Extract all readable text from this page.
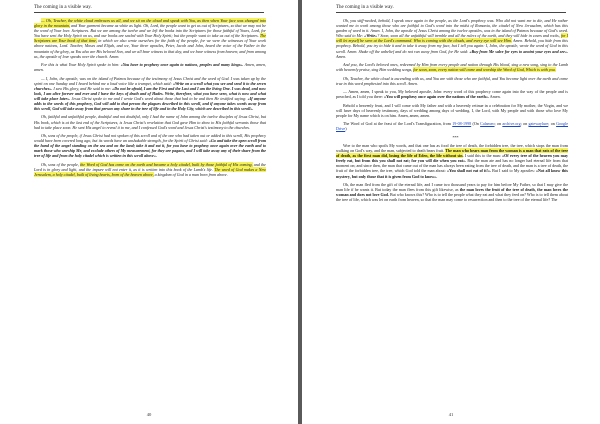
The coming in a visible way.

— Oh, Teacher, the white cloud embraces us all, and we sit on the cloud and speak with You, as then when Your face was changed into glory in the mountain, and Your garment became as white as light. Oh, Lord, the people want to get us out of Scriptures, so that we may not be the word of Your love. Scriptures. But we are among the twelve and we left the books into the Scriptures for those faithful of Yours, Lord, for You have sent the Holy Spirit on us, and our books are sealed with Your Holy Spirit; but the people want to take us out of the Scriptures. The Scriptures are Your book of that time, in which we also wrote ourselves for the faith of the people, for we were the witnesses of Your work above nations, Lord. Teacher, Moses and Elijah, and we, Your three apostles, Peter, Jacob and John, heard the voice of the Father in the mountain of the glory, as You also are His beloved Son, and we all bear witness to that day, and we bear witness from heaven; and from among us, the apostle of love speaks over the church. Amen.

For this is what Your Holy Spirit spoke to him: «You have to prophesy once again to nations, peoples and many kings». Amen, amen, amen.

— I, John, the apostle, was on the island of Patmos because of the testimony of Jesus Christ and the word of God. I was taken up by the spirit on one Sunday and I heard behind me a loud voice like a trumpet, which said: «Write on a scroll what you see and send it to the seven churches». I saw His glory, and He said to me: «Do not be afraid, I am the First and the Last and I am the living One. I was dead, and now look, I am alive forever and ever and I have the keys of death and of Hades. Write, therefore, what you have seen, what is now and what will take place later». Jesus Christ spoke to me and I wrote God's word about those that had to be and then He testified saying: «If anyone adds to the words of this prophecy, God will add to that person the plagues described in this scroll, and if anyone takes words away from this scroll, God will take away from that person any share in the tree of life and in the Holy City, which are described in this scroll».

Oh, faithful and unfaithful people, doubtful and not doubtful, only I had the name of John among the twelve disciples of Jesus Christ, but His book, which is at the last end of the Scriptures, is Jesus Christ's revelation that God gave Him to show to His faithful servants those that had to take place soon. He sent His angel to reveal it to me, and I confessed God's word and Jesus Christ's testimony to the churches.

Oh, sons of the people, if Jesus Christ had not spoken of this scroll and of the one who had taken out or added to this scroll, His prophecy would have been covered long ago, but its words have an unshakable strength, for the Spirit of Christ said: «Go and take the open scroll from the hand of the angel standing on the sea and on the land; take it and eat it, for you have to prophesy once again over the earth and to mark those who worship Me, and exclude others of My measurement, for they are pagans, and I will take away any of their share from the tree of life and from the holy citadel which is written in this scroll above».

Oh, sons of the people, the Word of God has come on the earth and became a holy citadel, built by those faithful of His coming, and the Lord is in glory and light, and the impure will not enter it, as it is written into this book of the Lamb's life. The word of God makes a New Jerusalem, a holy citadel, built of living hearts, born of the heaven above, a kingdom of God in a man born from above.

40
The coming in a visible way.

Oh, you stiff-necked, behold, I speak once again to the people, as the Lord's prophecy was. Who did not want me to die, and He rather wanted me to work among those who are faithful to God's word into the midst of Romania, the citadel of New Jerusalem, which has this garden of word in it. Amen. I, John, the apostle of Jesus Christ among the twelve apostles, was in the island of Patmos because of God's word. Who said to Me: «Write»? Soon, soon all the unfaithful will tremble and all the rulers of the earth, and they will hide in caves and rocks, for I will let myself be seen at the Lord's command. Who is coming with the clouds, and every eye will see Him. Amen. Behold, you hide from this prophecy. Behold, you try to hide it and to take it away from my face, but I tell you again: I, John, the apostle, wrote the word of God in this scroll. Amen. Shake off the unbelief and do not run away from God, for He said: «Buy from Me salve for eyes to anoint your eyes and see». Amen.

And you, the Lord's beloved ones, redeemed by Him from every people and nation through His blood, sing a new song, sing to the Lamb with heavenly praise, sing Him wedding songs, for soon, soon, every nation will come and worship the Word of God, Which is with you.

Oh, Teacher, the white cloud is ascending with us, and You are with those who are faithful, and You become light over the earth and come true in this word prophesied into this scroll. Amen.

— Amen, amen, I speak to you, My beloved apostle, John: every word of this prophecy come again into the way of the people and is preached, as I told you there: «You will prophesy once again over the nations of the earth». Amen.

Behold a heavenly feast, and I will come with My father and with a heavenly retinue in a celebration for My mother, the Virgin, and we will have days of heavenly testimony, days of wedding among days of wedding. I, the Lord, with My people and with those who love My people for My name which is on him. Amen, amen, amen.

The Word of God at the feast of the Lord's Transfiguration, from 19-08-1998 (On Calameo; on archive.org; on gatewaylure; on Google Drive)

***

Woe to the man who spoils My words, and that one has as food the tree of death, the forbidden tree, the tree, which stops the man from walking on God's way, and the man, subjected to death bears fruit. The man who bears man from the woman is a man that eats of the tree of death, as the first man did, losing the life of Eden, the life without sin. I said this to the man: «Of every tree of the heaven you may freely eat, but from this you shall not eat; for you will die when you eat». But the man ate and has no longer had eternal life from that moment on; and since then, the man that came out of the man has always been eating from the tree of death, and the man is a tree of death, the fruit of the forbidden tree, the tree, which God told the man about: «You shall not eat of it!». But I said to My apostles: «Not all know this mystery, but only those that it is given from God to know».

Oh, the man fled from the gift of the eternal life, and I came two thousand years to pay for him before My Father, so that I may give the man life if he wants it. But today the man flees from this gift likewise, as the man loves the fruit of the tree of death, the man loves the woman and does not love God. But who knows this? Who is to tell the people what they eat and what they feed on? Who is to tell them about the tree of life, which was let on earth from heaven, so that the man may come to resurrection and then to the tree of the eternal life? The

41
